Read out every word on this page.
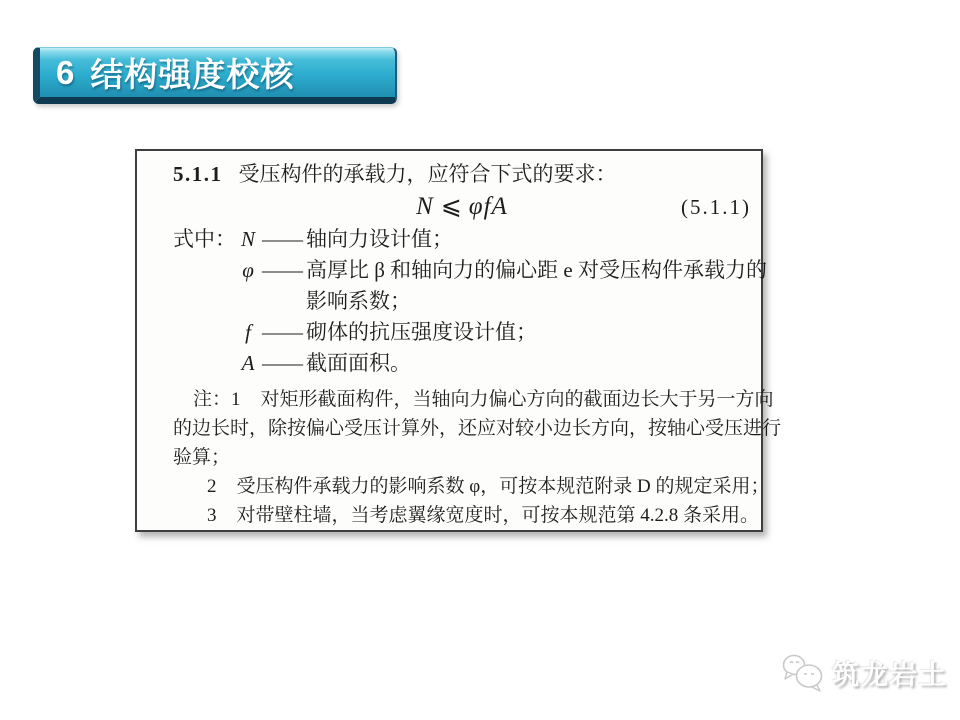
6 结构强度校核
5.1.1 受压构件的承载力，应符合下式的要求：
N ⩽ φfA	(5.1.1)
式中： N —— 轴向力设计值；
φ —— 高厚比 β 和轴向力的偏心距 e 对受压构件承载力的
影响系数；
f —— 砌体的抗压强度设计值；
A —— 截面面积。
注：1 对矩形截面构件，当轴向力偏心方向的截面边长大于另一方向
的边长时，除按偏心受压计算外，还应对较小边长方向，按轴心受压进行
验算；
2 受压构件承载力的影响系数 φ，可按本规范附录 D 的规定采用；
3 对带壁柱墙，当考虑翼缘宽度时，可按本规范第 4.2.8 条采用。
筑龙岩土
